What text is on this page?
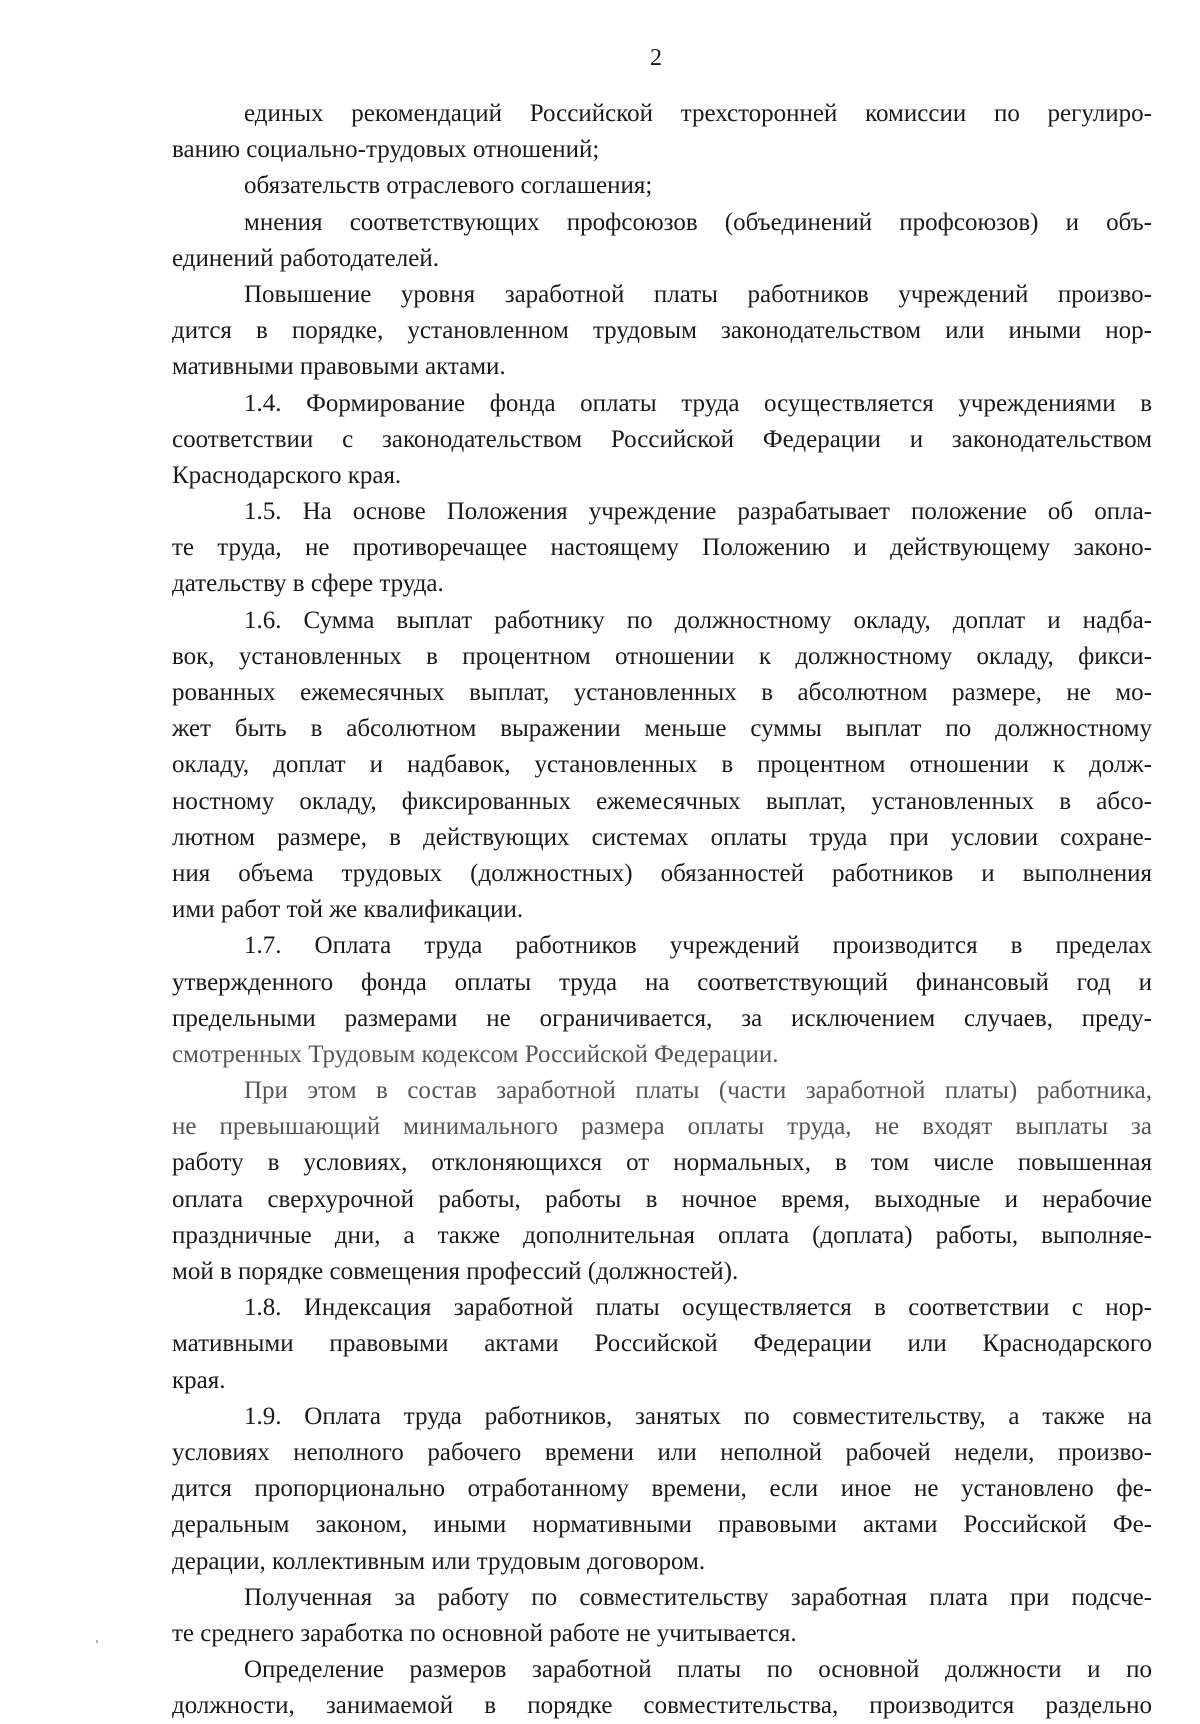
2
единых рекомендаций Российской трехсторонней комиссии по регулиро-
ванию социально-трудовых отношений;
обязательств отраслевого соглашения;
мнения соответствующих профсоюзов (объединений профсоюзов) и объ-
единений работодателей.
Повышение уровня заработной платы работников учреждений произво-
дится в порядке, установленном трудовым законодательством или иными нор-
мативными правовыми актами.
1.4. Формирование фонда оплаты труда осуществляется учреждениями в
соответствии с законодательством Российской Федерации и законодательством
Краснодарского края.
1.5. На основе Положения учреждение разрабатывает положение об опла-
те труда, не противоречащее настоящему Положению и действующему законо-
дательству в сфере труда.
1.6. Сумма выплат работнику по должностному окладу, доплат и надба-
вок, установленных в процентном отношении к должностному окладу, фикси-
рованных ежемесячных выплат, установленных в абсолютном размере, не мо-
жет быть в абсолютном выражении меньше суммы выплат по должностному
окладу, доплат и надбавок, установленных в процентном отношении к долж-
ностному окладу, фиксированных ежемесячных выплат, установленных в абсо-
лютном размере, в действующих системах оплаты труда при условии сохране-
ния объема трудовых (должностных) обязанностей работников и выполнения
ими работ той же квалификации.
1.7. Оплата труда работников учреждений производится в пределах
утвержденного фонда оплаты труда на соответствующий финансовый год и
предельными размерами не ограничивается, за исключением случаев, преду-
смотренных Трудовым кодексом Российской Федерации.
При этом в состав заработной платы (части заработной платы) работника,
не превышающий минимального размера оплаты труда, не входят выплаты за
работу в условиях, отклоняющихся от нормальных, в том числе повышенная
оплата сверхурочной работы, работы в ночное время, выходные и нерабочие
праздничные дни, а также дополнительная оплата (доплата) работы, выполняе-
мой в порядке совмещения профессий (должностей).
1.8. Индексация заработной платы осуществляется в соответствии с нор-
мативными правовыми актами Российской Федерации или Краснодарского
края.
1.9. Оплата труда работников, занятых по совместительству, а также на
условиях неполного рабочего времени или неполной рабочей недели, произво-
дится пропорционально отработанному времени, если иное не установлено фе-
деральным законом, иными нормативными правовыми актами Российской Фе-
дерации, коллективным или трудовым договором.
Полученная за работу по совместительству заработная плата при подсче-
те среднего заработка по основной работе не учитывается.
Определение размеров заработной платы по основной должности и по
должности, занимаемой в порядке совместительства, производится раздельно
